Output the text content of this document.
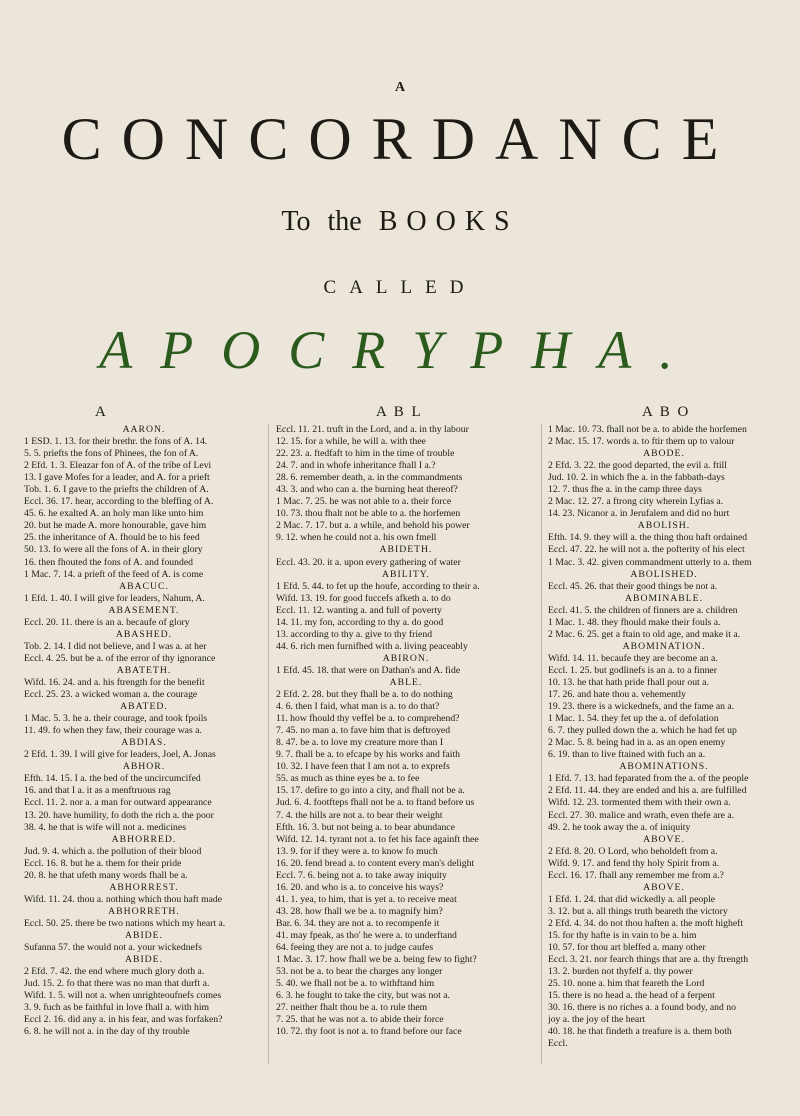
A
CONCORDANCE
To the BOOKS
CALLED
APOCRYPHA.
A	A B L	A B O
AARON.
1 ESD. 1. 13. for their brethr. the fons of A. 14.
5. 5. priefts the fons of Phinees, the fon of A.
2 Efd. 1. 3. Eleazar fon of A. of the tribe of Levi
13. I gave Mofes for a leader, and A. for a prieft
Tob. 1. 6. I gave to the priefts the children of A.
Eccl. 36. 17. hear, according to the bleffing of A.
45. 6. he exalted A. an holy man like unto him
20. but he made A. more honourable, gave him
25. the inheritance of A. fhould be to his feed
50. 13. fo were all the fons of A. in their glory
16. then fhouted the fons of A. and founded
1 Mac. 7. 14. a prieft of the feed of A. is come
ABACUC.
1 Efd. 1. 40. I will give for leaders, Nahum, A.
ABASEMENT.
Eccl. 20. 11. there is an a. becaufe of glory
ABASHED.
Tob. 2. 14. I did not believe, and I was a. at her
Eccl. 4. 25. but be a. of the error of thy ignorance
ABATETH.
Wifd. 16. 24. and a. his ftrength for the benefit
Eccl. 25. 23. a wicked woman a. the courage
ABATED.
1 Mac. 5. 3. he a. their courage, and took fpoils
11. 49. fo when they faw, their courage was a.
ABDIAS.
2 Efd. 1. 39. I will give for leaders, Joel, A. Jonas
ABHOR.
Efth. 14. 15. I a. the bed of the uncircumcifed
16. and that I a. it as a menftruous rag
Eccl. 11. 2. nor a. a man for outward appearance
13. 20. have humility, fo doth the rich a. the poor
38. 4. he that is wife will not a. medicines
ABHORRED.
Jud. 9. 4. which a. the pollution of their blood
Eccl. 16. 8. but he a. them for their pride
20. 8. he that ufeth many words fhall be a.
ABHORREST.
Wifd. 11. 24. thou a. nothing which thou haft made
ABHORRETH.
Eccl. 50. 25. there be two nations which my heart a.
ABIDE.
Sufanna 57. the would not a. your wickednefs
ABIDE.
2 Efd. 7. 42. the end where much glory doth a.
Jud. 15. 2. fo that there was no man that durft a.
Wifd. 1. 5. will not a. when unrighteoufnefs comes
3. 9. fuch as be faithful in love fhall a. with him
Eccl 2. 16. did any a. in his fear, and was forfaken?
6. 8. he will not a. in the day of thy trouble
Eccl. 11. 21. truft in the Lord, and a. in thy labour
12. 15. for a while, he will a. with thee
22. 23. a. ftedfaft to him in the time of trouble
24. 7. and in whofe inheritance fhall I a.?
28. 6. remember death, a. in the commandments
43. 3. and who can a. the burning heat thereof?
1 Mac. 7. 25. he was not able to a. their force
10. 73. thou fhalt not be able to a. the horfemen
2 Mac. 7. 17. but a. a while, and behold his power
9. 12. when he could not a. his own fmell
ABIDETH.
Eccl. 43. 20. it a. upon every gathering of water
ABILITY.
1 Efd. 5. 44. to fet up the houfe, according to their a.
Wifd. 13. 19. for good fuccefs afketh a. to do
Eccl. 11. 12. wanting a. and full of poverty
14. 11. my fon, according to thy a. do good
13. according to thy a. give to thy friend
44. 6. rich men furnifhed with a. living peaceably
ABIRON.
1 Efd. 45. 18. that were on Dathan's and A. fide
ABLE.
2 Efd. 2. 28. but they fhall be a. to do nothing
4. 6. then I faid, what man is a. to do that?
11. how fhould thy veffel be a. to comprehend?
7. 45. no man a. to fave him that is deftroyed
8. 47. be a. to love my creature more than I
9. 7. fhall be a. to efcape by his works and faith
10. 32. I have feen that I am not a. to exprefs
55. as much as thine eyes be a. to fee
15. 17. defire to go into a city, and fhall not be a.
Jud. 6. 4. footfteps fhall not be a. to ftand before us
7. 4. the hills are not a. to bear their weight
Efth. 16. 3. but not being a. to bear abundance
Wifd. 12. 14. tyrant not a. to fet his face againft thee
13. 9. for if they were a. to know fo much
16. 20. fend bread a. to content every man's delight
Eccl. 7. 6. being not a. to take away iniquity
16. 20. and who is a. to conceive his ways?
41. 1. yea, to him, that is yet a. to receive meat
43. 28. how fhall we be a. to magnify him?
Bar. 6. 34. they are not a. to recompenfe it
41. may fpeak, as tho' he were a. to underftand
64. feeing they are not a. to judge caufes
1 Mac. 3. 17. how fhall we be a. being few to fight?
53. not be a. to bear the charges any longer
5. 40. we fhall not be a. to withftand him
6. 3. he fought to take the city, but was not a.
27. neither fhalt thou be a. to rule them
7. 25. that he was not a. to abide their force
10. 72. thy foot is not a. to ftand before our face
1 Mac. 10. 73. fhall not be a. to abide the horfemen
2 Mac. 15. 17. words a. to ftir them up to valour
ABODE.
2 Efd. 3. 22. the good departed, the evil a. ftill
Jud. 10. 2. in which fhe a. in the fabbath-days
12. 7. thus fhe a. in the camp three days
2 Mac. 12. 27. a ftrong city wherein Lyfias a.
14. 23. Nicanor a. in Jerufalem and did no hurt
ABOLISH.
Efth. 14. 9. they will a. the thing thou haft ordained
Eccl. 47. 22. he will not a. the pofterity of his elect
1 Mac. 3. 42. given commandment utterly to a. them
ABOLISHED.
Eccl. 45. 26. that their good things be not a.
ABOMINABLE.
Eccl. 41. 5. the children of finners are a. children
1 Mac. 1. 48. they fhould make their fouls a.
2 Mac. 6. 25. get a ftain to old age, and make it a.
ABOMINATION.
Wifd. 14. 11. becaufe they are become an a.
Eccl. 1. 25. but godlinefs is an a. to a finner
10. 13. he that hath pride fhall pour out a.
17. 26. and hate thou a. vehemently
19. 23. there is a wickednefs, and the fame an a.
1 Mac. 1. 54. they fet up the a. of defolation
6. 7. they pulled down the a. which he had fet up
2 Mac. 5. 8. being had in a. as an open enemy
6. 19. than to live ftained with fuch an a.
ABOMINATIONS.
1 Efd. 7. 13. had feparated from the a. of the people
2 Efd. 11. 44. they are ended and his a. are fulfilled
Wifd. 12. 23. tormented them with their own a.
Eccl. 27. 30. malice and wrath, even thefe are a.
49. 2. he took away the a. of iniquity
ABOVE.
2 Efd. 8. 20. O Lord, who beholdeft from a.
Wifd. 9. 17. and fend thy holy Spirit from a.
Eccl. 16. 17. fhall any remember me from a.?
ABOVE.
1 Efd. 1. 24. that did wickedly a. all people
3. 12. but a. all things truth beareth the victory
2 Efd. 4. 34. do not thou haften a. the moft higheft
15. for thy hafte is in vain to be a. him
10. 57. for thou art bleffed a. many other
Eccl. 3. 21. nor fearch things that are a. thy ftrength
13. 2. burden not thyfelf a. thy power
25. 10. none a. him that feareth the Lord
15. there is no head a. the head of a ferpent
30. 16. there is no riches a. a found body, and no
joy a. the joy of the heart
40. 18. he that findeth a treafure is a. them both
Eccl.
